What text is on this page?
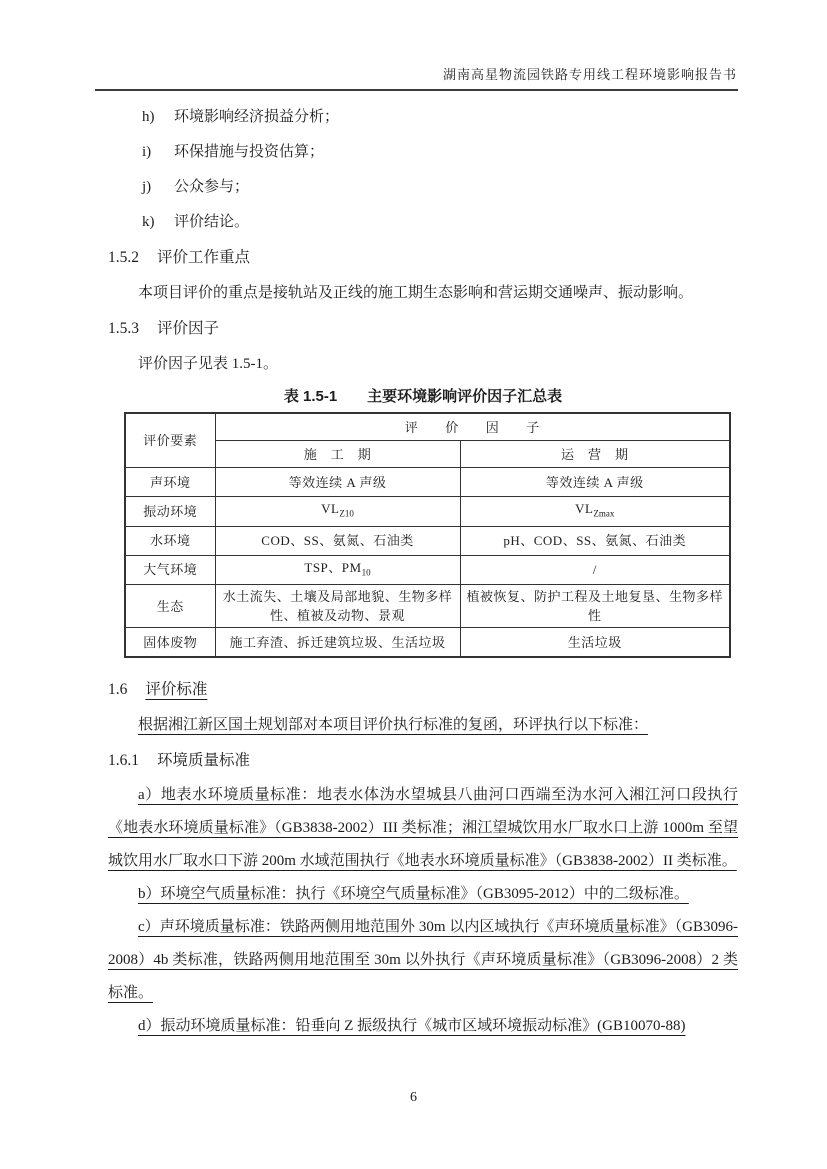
湖南高星物流园铁路专用线工程环境影响报告书
h) 环境影响经济损益分析；
i) 环保措施与投资估算；
j) 公众参与；
k) 评价结论。
1.5.2 评价工作重点

本项目评价的重点是接轨站及正线的施工期生态影响和营运期交通噪声、振动影响。

1.5.3 评价因子

评价因子见表 1.5-1。

表 1.5-1 主要环境影响评价因子汇总表
评价要素	评　　价　　因　　子	
	施　工　期	运　营　期
声环境	等效连续 A 声级	等效连续 A 声级
振动环境	$VL_{Z10}$	$VL_{Zmax}$
水环境	COD、SS、氨氮、石油类	pH、COD、SS、氨氮、石油类
大气环境	TSP、$PM_{10}$	/
生态	水土流失、土壤及局部地貌、生物多样性、植被及动物、景观	植被恢复、防护工程及土地复垦、生物多样性
固体废物	施工弃渣、拆迁建筑垃圾、生活垃圾	生活垃圾
1.6 评价标准

根据湘江新区国土规划部对本项目评价执行标准的复函，环评执行以下标准：

1.6.1 环境质量标准

a）地表水环境质量标准：地表水体沩水望城县八曲河口西端至沩水河入湘江河口段执行《地表水环境质量标准》（GB3838-2002）III 类标准；湘江望城饮用水厂取水口上游 1000m 至望城饮用水厂取水口下游 200m 水域范围执行《地表水环境质量标准》（GB3838-2002）II 类标准。

b）环境空气质量标准：执行《环境空气质量标准》（GB3095-2012）中的二级标准。

c）声环境质量标准：铁路两侧用地范围外 30m 以内区域执行《声环境质量标准》（GB3096-2008）4b 类标准，铁路两侧用地范围至 30m 以外执行《声环境质量标准》（GB3096-2008）2 类标准。

d）振动环境质量标准：铅垂向 Z 振级执行《城市区域环境振动标准》(GB10070-88)

6
